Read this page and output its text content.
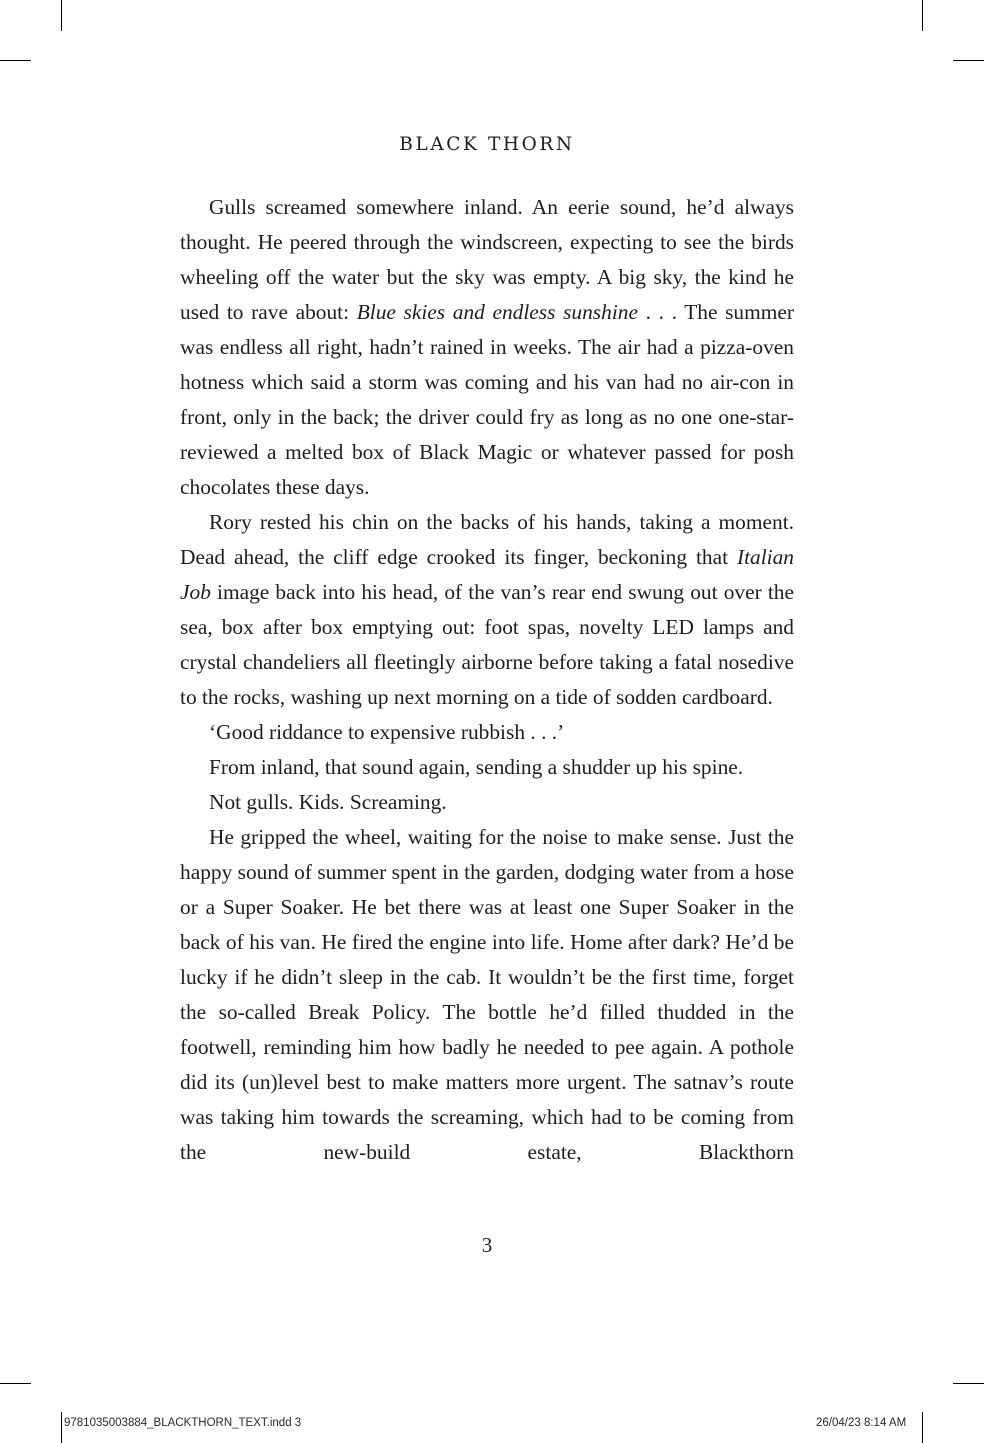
BLACK THORN

Gulls screamed somewhere inland. An eerie sound, he’d always thought. He peered through the windscreen, expecting to see the birds wheeling off the water but the sky was empty. A big sky, the kind he used to rave about: Blue skies and endless sunshine . . . The summer was endless all right, hadn’t rained in weeks. The air had a pizza-oven hotness which said a storm was coming and his van had no air-con in front, only in the back; the driver could fry as long as no one one-star-reviewed a melted box of Black Magic or whatever passed for posh chocolates these days.

Rory rested his chin on the backs of his hands, taking a moment. Dead ahead, the cliff edge crooked its finger, beckoning that Italian Job image back into his head, of the van’s rear end swung out over the sea, box after box emptying out: foot spas, novelty LED lamps and crystal chandeliers all fleetingly airborne before taking a fatal nosedive to the rocks, washing up next morning on a tide of sodden cardboard.

‘Good riddance to expensive rubbish . . .’

From inland, that sound again, sending a shudder up his spine.

Not gulls. Kids. Screaming.

He gripped the wheel, waiting for the noise to make sense. Just the happy sound of summer spent in the garden, dodging water from a hose or a Super Soaker. He bet there was at least one Super Soaker in the back of his van. He fired the engine into life. Home after dark? He’d be lucky if he didn’t sleep in the cab. It wouldn’t be the first time, forget the so-called Break Policy. The bottle he’d filled thudded in the footwell, reminding him how badly he needed to pee again. A pothole did its (un)level best to make matters more urgent. The satnav’s route was taking him towards the screaming, which had to be coming from the new-build estate, Blackthorn

3
9781035003884_BLACKTHORN_TEXT.indd 3	26/04/23 8:14 AM
